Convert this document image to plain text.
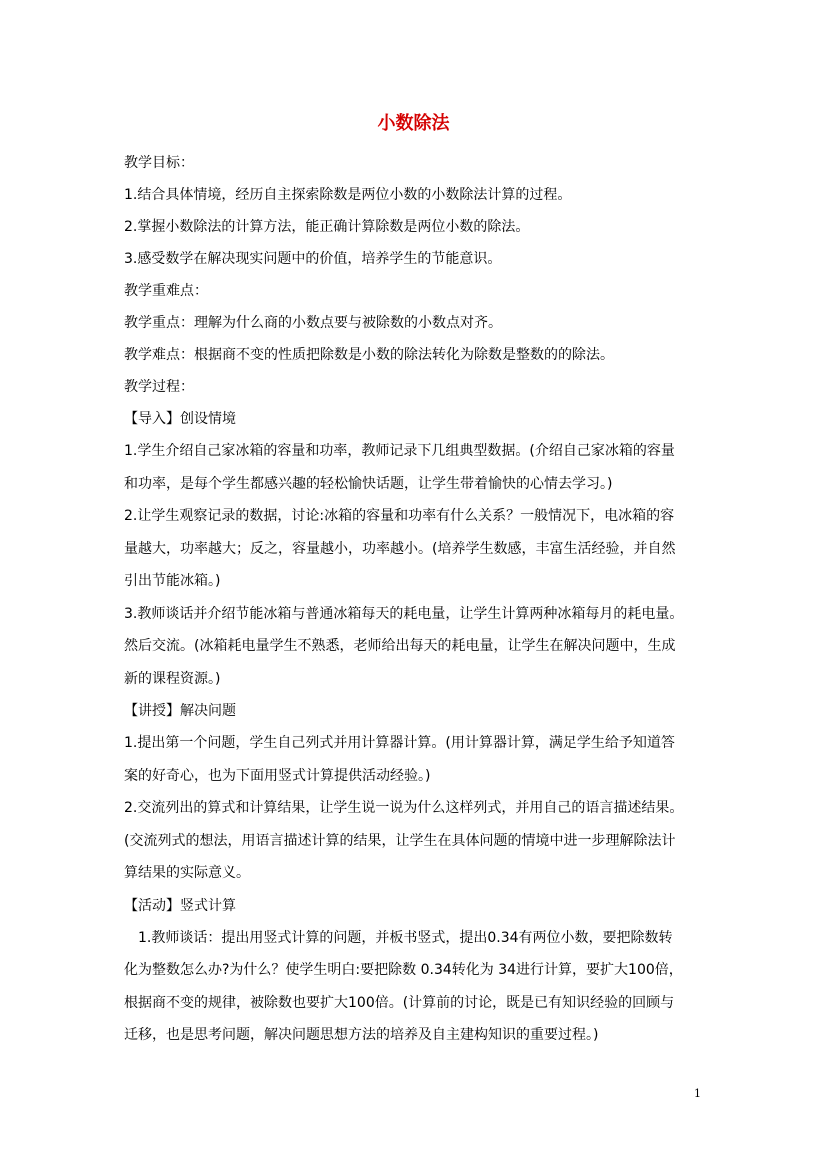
小数除法
教学目标：
1.结合具体情境，经历自主探索除数是两位小数的小数除法计算的过程。
2.掌握小数除法的计算方法，能正确计算除数是两位小数的除法。
3.感受数学在解决现实问题中的价值，培养学生的节能意识。
教学重难点：
教学重点：理解为什么商的小数点要与被除数的小数点对齐。
教学难点：根据商不变的性质把除数是小数的除法转化为除数是整数的的除法。
教学过程：
【导入】创设情境
1.学生介绍自己家冰箱的容量和功率，教师记录下几组典型数据。(介绍自己家冰箱的容量
和功率，是每个学生都感兴趣的轻松愉快话题，让学生带着愉快的心情去学习。)
2.让学生观察记录的数据，讨论:冰箱的容量和功率有什么关系？一般情况下，电冰箱的容
量越大，功率越大；反之，容量越小，功率越小。(培养学生数感，丰富生活经验，并自然
引出节能冰箱。)
3.教师谈话并介绍节能冰箱与普通冰箱每天的耗电量，让学生计算两种冰箱每月的耗电量。
然后交流。(冰箱耗电量学生不熟悉，老师给出每天的耗电量，让学生在解决问题中，生成
新的课程资源。)
【讲授】解决问题
1.提出第一个问题，学生自己列式并用计算器计算。(用计算器计算，满足学生给予知道答
案的好奇心，也为下面用竖式计算提供活动经验。)
2.交流列出的算式和计算结果，让学生说一说为什么这样列式，并用自己的语言描述结果。
(交流列式的想法，用语言描述计算的结果，让学生在具体问题的情境中进一步理解除法计
算结果的实际意义。
【活动】竖式计算
1.教师谈话：提出用竖式计算的问题，并板书竖式，提出0.34有两位小数，要把除数转
化为整数怎么办?为什么？使学生明白:要把除数 0.34转化为 34进行计算，要扩大100倍，
根据商不变的规律，被除数也要扩大100倍。(计算前的讨论，既是已有知识经验的回顾与
迁移，也是思考问题，解决问题思想方法的培养及自主建构知识的重要过程。)
1
